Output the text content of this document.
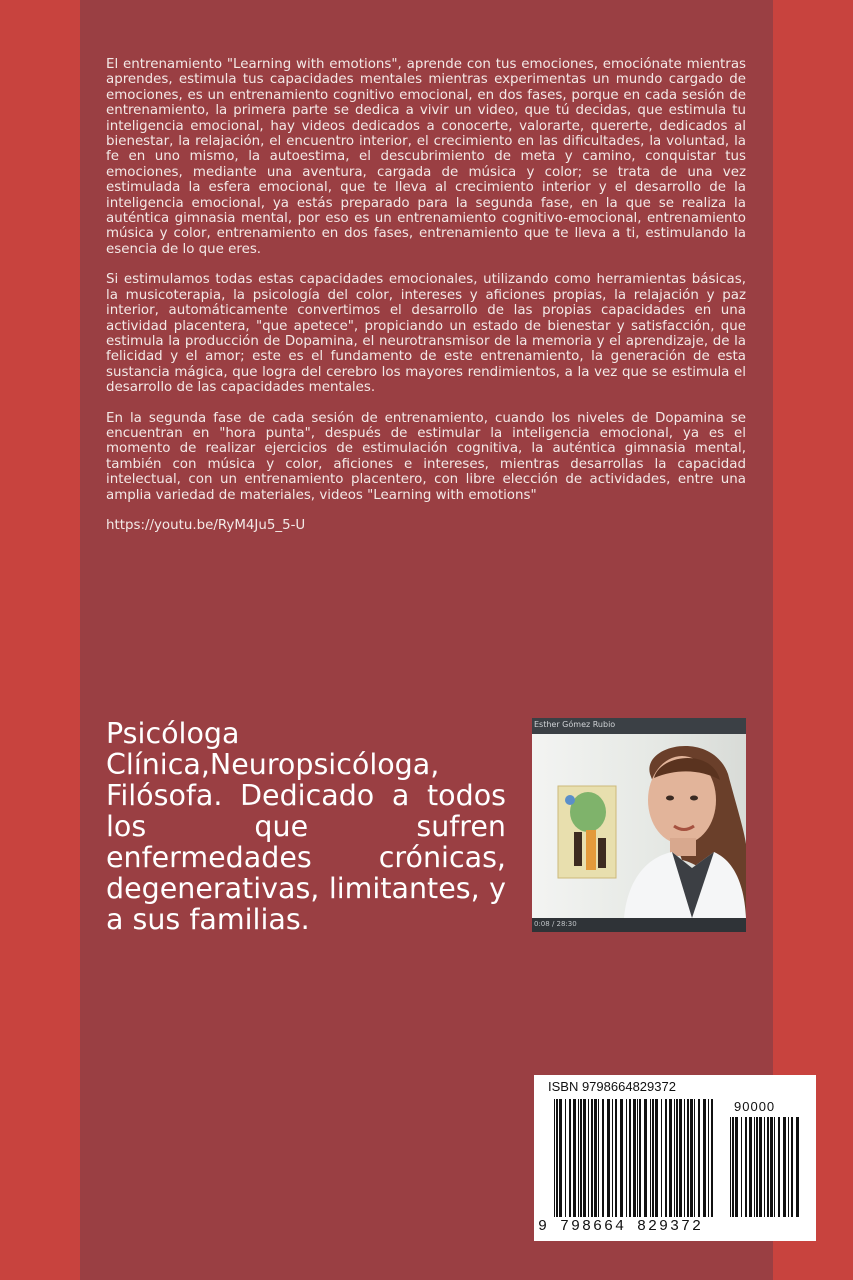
El entrenamiento "Learning with emotions", aprende con tus emociones, emociónate mientras aprendes, estimula tus capacidades mentales mientras experimentas un mundo cargado de emociones, es un entrenamiento cognitivo emocional, en dos fases, porque en cada sesión de entrenamiento, la primera parte se dedica a vivir un video, que tú decidas, que estimula tu inteligencia emocional, hay videos dedicados a conocerte, valorarte, quererte, dedicados al bienestar, la relajación, el encuentro interior, el crecimiento en las dificultades, la voluntad, la fe en uno mismo, la autoestima, el descubrimiento de meta y camino, conquistar tus emociones, mediante una aventura, cargada de música y color; se trata de una vez estimulada la esfera emocional, que te lleva al crecimiento interior y el desarrollo de la inteligencia emocional, ya estás preparado para la segunda fase, en la que se realiza la auténtica gimnasia mental, por eso es un entrenamiento cognitivo-emocional, entrenamiento música y color, entrenamiento en dos fases, entrenamiento que te lleva a ti, estimulando la esencia de lo que eres.

Si estimulamos todas estas capacidades emocionales, utilizando como herramientas básicas, la musicoterapia, la psicología del color, intereses y aficiones propias, la relajación y paz interior, automáticamente convertimos el desarrollo de las propias capacidades en una actividad placentera, "que apetece", propiciando un estado de bienestar y satisfacción, que estimula la producción de Dopamina, el neurotransmisor de la memoria y el aprendizaje, de la felicidad y el amor; este es el fundamento de este entrenamiento, la generación de esta sustancia mágica, que logra del cerebro los mayores rendimientos, a la vez que se estimula el desarrollo de las capacidades mentales.

En la segunda fase de cada sesión de entrenamiento, cuando los niveles de Dopamina se encuentran en "hora punta", después de estimular la inteligencia emocional, ya es el momento de realizar ejercicios de estimulación cognitiva, la auténtica gimnasia mental, también con música y color, aficiones e intereses, mientras desarrollas la capacidad intelectual, con un entrenamiento placentero, con libre elección de actividades, entre una amplia variedad de materiales, videos "Learning with emotions"

https://youtu.be/RyM4Ju5_5-U

Psicóloga Clínica,Neuropsicóloga, Filósofa. Dedicado a todos los que sufren enfermedades crónicas, degenerativas, limitantes, y a sus familias.
Esther Gómez Rubio
0:08 / 28:30
ISBN 9798664829372
90000
9 798664 829372
